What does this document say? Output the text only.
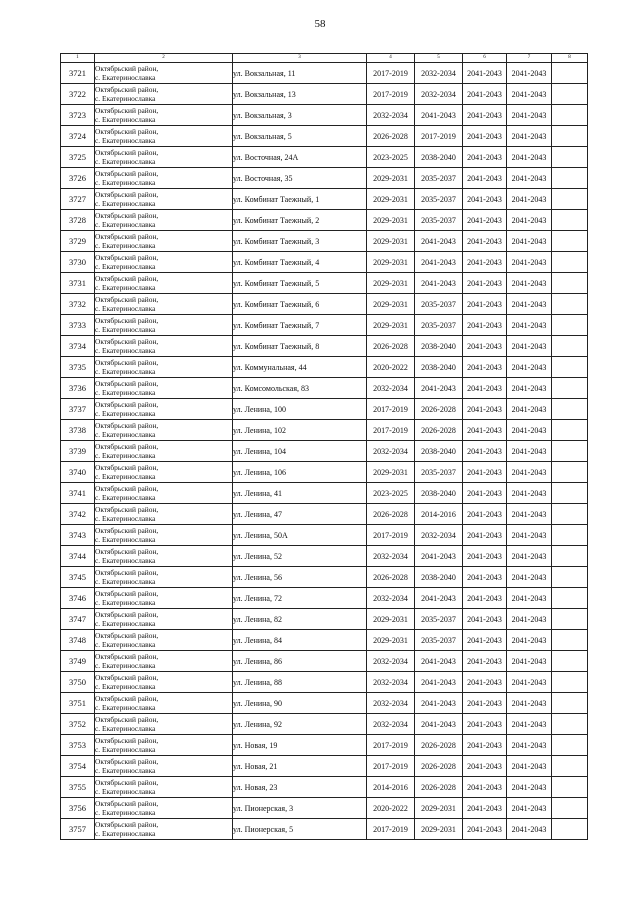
58
1	2	3	4	5	6	7	8
3721	Октябрьский район,
с. Екатериноcлавка	ул. Вокзальная, 11	2017-2019	2032-2034	2041-2043	2041-2043	
3722	Октябрьский район,
с. Екатериноcлавка	ул. Вокзальная, 13	2017-2019	2032-2034	2041-2043	2041-2043	
3723	Октябрьский район,
с. Екатериноcлавка	ул. Вокзальная, 3	2032-2034	2041-2043	2041-2043	2041-2043	
3724	Октябрьский район,
с. Екатериноcлавка	ул. Вокзальная, 5	2026-2028	2017-2019	2041-2043	2041-2043	
3725	Октябрьский район,
с. Екатериноcлавка	ул. Восточная, 24А	2023-2025	2038-2040	2041-2043	2041-2043	
3726	Октябрьский район,
с. Екатериноcлавка	ул. Восточная, 35	2029-2031	2035-2037	2041-2043	2041-2043	
3727	Октябрьский район,
с. Екатериноcлавка	ул. Комбинат Таежный, 1	2029-2031	2035-2037	2041-2043	2041-2043	
3728	Октябрьский район,
с. Екатериноcлавка	ул. Комбинат Таежный, 2	2029-2031	2035-2037	2041-2043	2041-2043	
3729	Октябрьский район,
с. Екатериноcлавка	ул. Комбинат Таежный, 3	2029-2031	2041-2043	2041-2043	2041-2043	
3730	Октябрьский район,
с. Екатериноcлавка	ул. Комбинат Таежный, 4	2029-2031	2041-2043	2041-2043	2041-2043	
3731	Октябрьский район,
с. Екатериноcлавка	ул. Комбинат Таежный, 5	2029-2031	2041-2043	2041-2043	2041-2043	
3732	Октябрьский район,
с. Екатериноcлавка	ул. Комбинат Таежный, 6	2029-2031	2035-2037	2041-2043	2041-2043	
3733	Октябрьский район,
с. Екатериноcлавка	ул. Комбинат Таежный, 7	2029-2031	2035-2037	2041-2043	2041-2043	
3734	Октябрьский район,
с. Екатериноcлавка	ул. Комбинат Таежный, 8	2026-2028	2038-2040	2041-2043	2041-2043	
3735	Октябрьский район,
с. Екатериноcлавка	ул. Коммунальная, 44	2020-2022	2038-2040	2041-2043	2041-2043	
3736	Октябрьский район,
с. Екатериноcлавка	ул. Комсомольская, 83	2032-2034	2041-2043	2041-2043	2041-2043	
3737	Октябрьский район,
с. Екатериноcлавка	ул. Ленина, 100	2017-2019	2026-2028	2041-2043	2041-2043	
3738	Октябрьский район,
с. Екатериноcлавка	ул. Ленина, 102	2017-2019	2026-2028	2041-2043	2041-2043	
3739	Октябрьский район,
с. Екатериноcлавка	ул. Ленина, 104	2032-2034	2038-2040	2041-2043	2041-2043	
3740	Октябрьский район,
с. Екатериноcлавка	ул. Ленина, 106	2029-2031	2035-2037	2041-2043	2041-2043	
3741	Октябрьский район,
с. Екатериноcлавка	ул. Ленина, 41	2023-2025	2038-2040	2041-2043	2041-2043	
3742	Октябрьский район,
с. Екатериноcлавка	ул. Ленина, 47	2026-2028	2014-2016	2041-2043	2041-2043	
3743	Октябрьский район,
с. Екатериноcлавка	ул. Ленина, 50А	2017-2019	2032-2034	2041-2043	2041-2043	
3744	Октябрьский район,
с. Екатериноcлавка	ул. Ленина, 52	2032-2034	2041-2043	2041-2043	2041-2043	
3745	Октябрьский район,
с. Екатериноcлавка	ул. Ленина, 56	2026-2028	2038-2040	2041-2043	2041-2043	
3746	Октябрьский район,
с. Екатериноcлавка	ул. Ленина, 72	2032-2034	2041-2043	2041-2043	2041-2043	
3747	Октябрьский район,
с. Екатериноcлавка	ул. Ленина, 82	2029-2031	2035-2037	2041-2043	2041-2043	
3748	Октябрьский район,
с. Екатериноcлавка	ул. Ленина, 84	2029-2031	2035-2037	2041-2043	2041-2043	
3749	Октябрьский район,
с. Екатериноcлавка	ул. Ленина, 86	2032-2034	2041-2043	2041-2043	2041-2043	
3750	Октябрьский район,
с. Екатериноcлавка	ул. Ленина, 88	2032-2034	2041-2043	2041-2043	2041-2043	
3751	Октябрьский район,
с. Екатериноcлавка	ул. Ленина, 90	2032-2034	2041-2043	2041-2043	2041-2043	
3752	Октябрьский район,
с. Екатериноcлавка	ул. Ленина, 92	2032-2034	2041-2043	2041-2043	2041-2043	
3753	Октябрьский район,
с. Екатериноcлавка	ул. Новая, 19	2017-2019	2026-2028	2041-2043	2041-2043	
3754	Октябрьский район,
с. Екатериноcлавка	ул. Новая, 21	2017-2019	2026-2028	2041-2043	2041-2043	
3755	Октябрьский район,
с. Екатериноcлавка	ул. Новая, 23	2014-2016	2026-2028	2041-2043	2041-2043	
3756	Октябрьский район,
с. Екатериноcлавка	ул. Пионерская, 3	2020-2022	2029-2031	2041-2043	2041-2043	
3757	Октябрьский район,
с. Екатериноcлавка	ул. Пионерская, 5	2017-2019	2029-2031	2041-2043	2041-2043	
